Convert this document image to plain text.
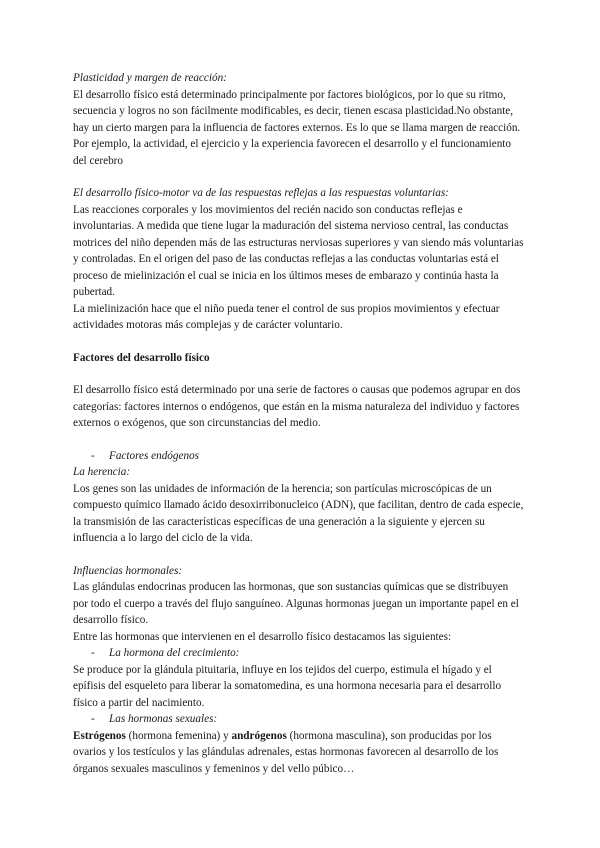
Plasticidad y margen de reacción:

El desarrollo físico está determinado principalmente por factores biológicos, por lo que su ritmo, secuencia y logros no son fácilmente modificables, es decir, tienen escasa plasticidad.No obstante, hay un cierto margen para la influencia de factores externos. Es lo que se llama margen de reacción. Por ejemplo, la actividad, el ejercicio y la experiencia favorecen el desarrollo y el funcionamiento del cerebro

El desarrollo físico-motor va de las respuestas reflejas a las respuestas voluntarias:

Las reacciones corporales y los movimientos del recién nacido son conductas reflejas e involuntarias. A medida que tiene lugar la maduración del sistema nervioso central, las conductas motrices del niño dependen más de las estructuras nerviosas superiores y van siendo más voluntarias y controladas. En el origen del paso de las conductas reflejas a las conductas voluntarias está el proceso de mielinización el cual se inicia en los últimos meses de embarazo y continúa hasta la pubertad.

La mielinización hace que el niño pueda tener el control de sus propios movimientos y efectuar actividades motoras más complejas y de carácter voluntario.

Factores del desarrollo físico

El desarrollo físico está determinado por una serie de factores o causas que podemos agrupar en dos categorías: factores internos o endógenos, que están en la misma naturaleza del individuo y factores externos o exógenos, que son circunstancias del medio.

-	Factores endógenos

La herencia:

Los genes son las unidades de información de la herencia; son partículas microscópicas de un compuesto químico llamado ácido desoxirribonucleico (ADN), que facilitan, dentro de cada especie, la transmisión de las características específicas de una generación a la siguiente y ejercen su influencia a lo largo del ciclo de la vida.

Influencias hormonales:

Las glándulas endocrinas producen las hormonas, que son sustancias químicas que se distribuyen por todo el cuerpo a través del flujo sanguíneo. Algunas hormonas juegan un importante papel en el desarrollo físico.

Entre las hormonas que intervienen en el desarrollo físico destacamos las siguientes:

-	La hormona del crecimiento:

Se produce por la glándula pituitaria, influye en los tejidos del cuerpo, estimula el hígado y el epífisis del esqueleto para liberar la somatomedina, es una hormona necesaria para el desarrollo físico a partir del nacimiento.

-	Las hormonas sexuales:

Estrógenos (hormona femenina) y andrógenos (hormona masculina), son producidas por los ovarios y los testículos y las glándulas adrenales, estas hormonas favorecen al desarrollo de los órganos sexuales masculinos y femeninos y del vello púbico…
